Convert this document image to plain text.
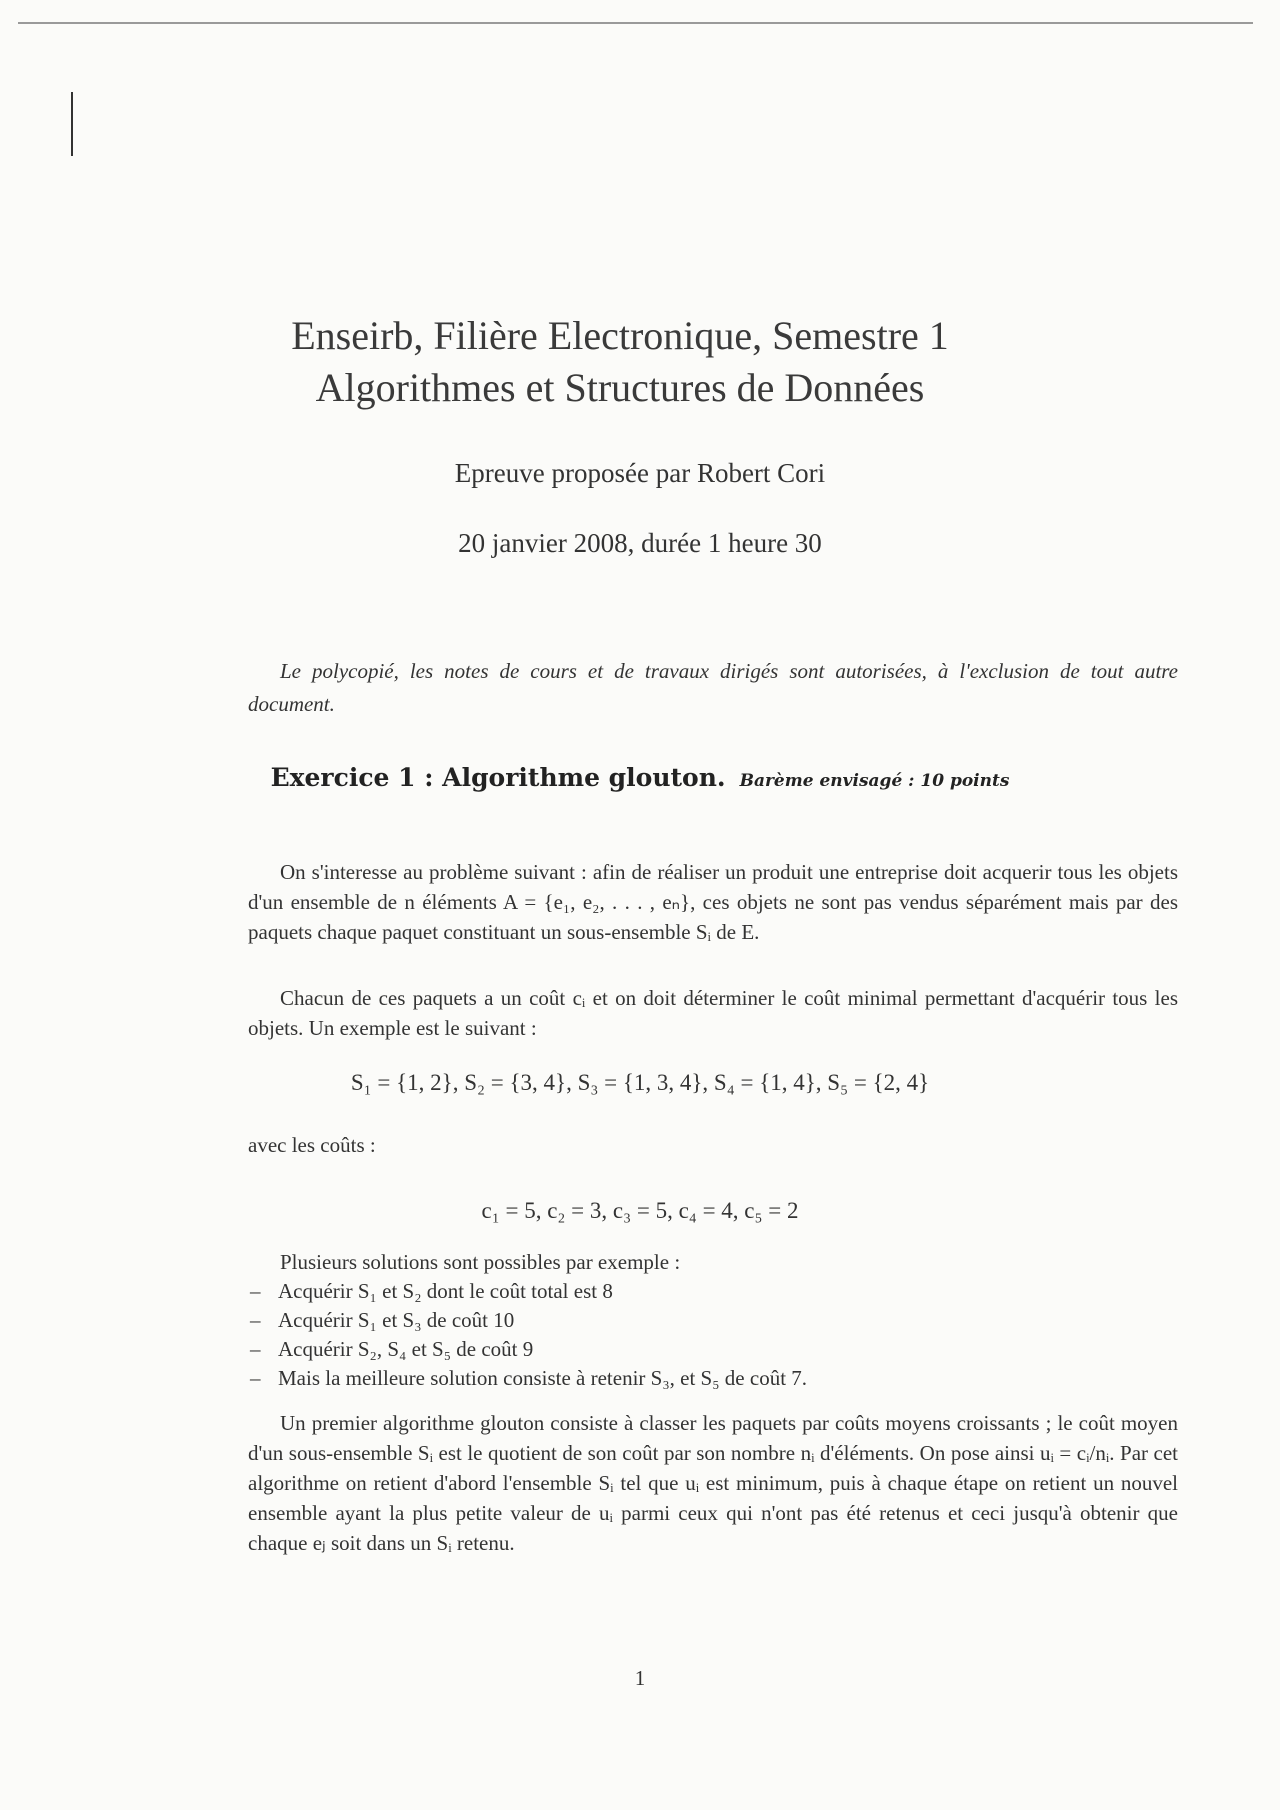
Enseirb, Filière Electronique, Semestre 1
Algorithmes et Structures de Données
Epreuve proposée par Robert Cori
20 janvier 2008, durée 1 heure 30
Le polycopié, les notes de cours et de travaux dirigés sont autorisées, à l'exclusion de tout autre document.
Exercice 1 : Algorithme glouton. Barème envisagé : 10 points
On s'interesse au problème suivant : afin de réaliser un produit une entreprise doit acquerir tous les objets d'un ensemble de n éléments A = {e₁, e₂, . . . , eₙ}, ces objets ne sont pas vendus séparément mais par des paquets chaque paquet constituant un sous-ensemble Sᵢ de E.
Chacun de ces paquets a un coût cᵢ et on doit déterminer le coût minimal permettant d'acquérir tous les objets. Un exemple est le suivant :
S₁ = {1, 2}, S₂ = {3, 4}, S₃ = {1, 3, 4}, S₄ = {1, 4}, S₅ = {2, 4}
avec les coûts :
c₁ = 5, c₂ = 3, c₃ = 5, c₄ = 4, c₅ = 2
Plusieurs solutions sont possibles par exemple :
– Acquérir S₁ et S₂ dont le coût total est 8
– Acquérir S₁ et S₃ de coût 10
– Acquérir S₂, S₄ et S₅ de coût 9
– Mais la meilleure solution consiste à retenir S₃, et S₅ de coût 7.
Un premier algorithme glouton consiste à classer les paquets par coûts moyens croissants ; le coût moyen d'un sous-ensemble Sᵢ est le quotient de son coût par son nombre nᵢ d'éléments. On pose ainsi uᵢ = cᵢ/nᵢ. Par cet algorithme on retient d'abord l'ensemble Sᵢ tel que uᵢ est minimum, puis à chaque étape on retient un nouvel ensemble ayant la plus petite valeur de uᵢ parmi ceux qui n'ont pas été retenus et ceci jusqu'à obtenir que chaque eⱼ soit dans un Sᵢ retenu.
1
